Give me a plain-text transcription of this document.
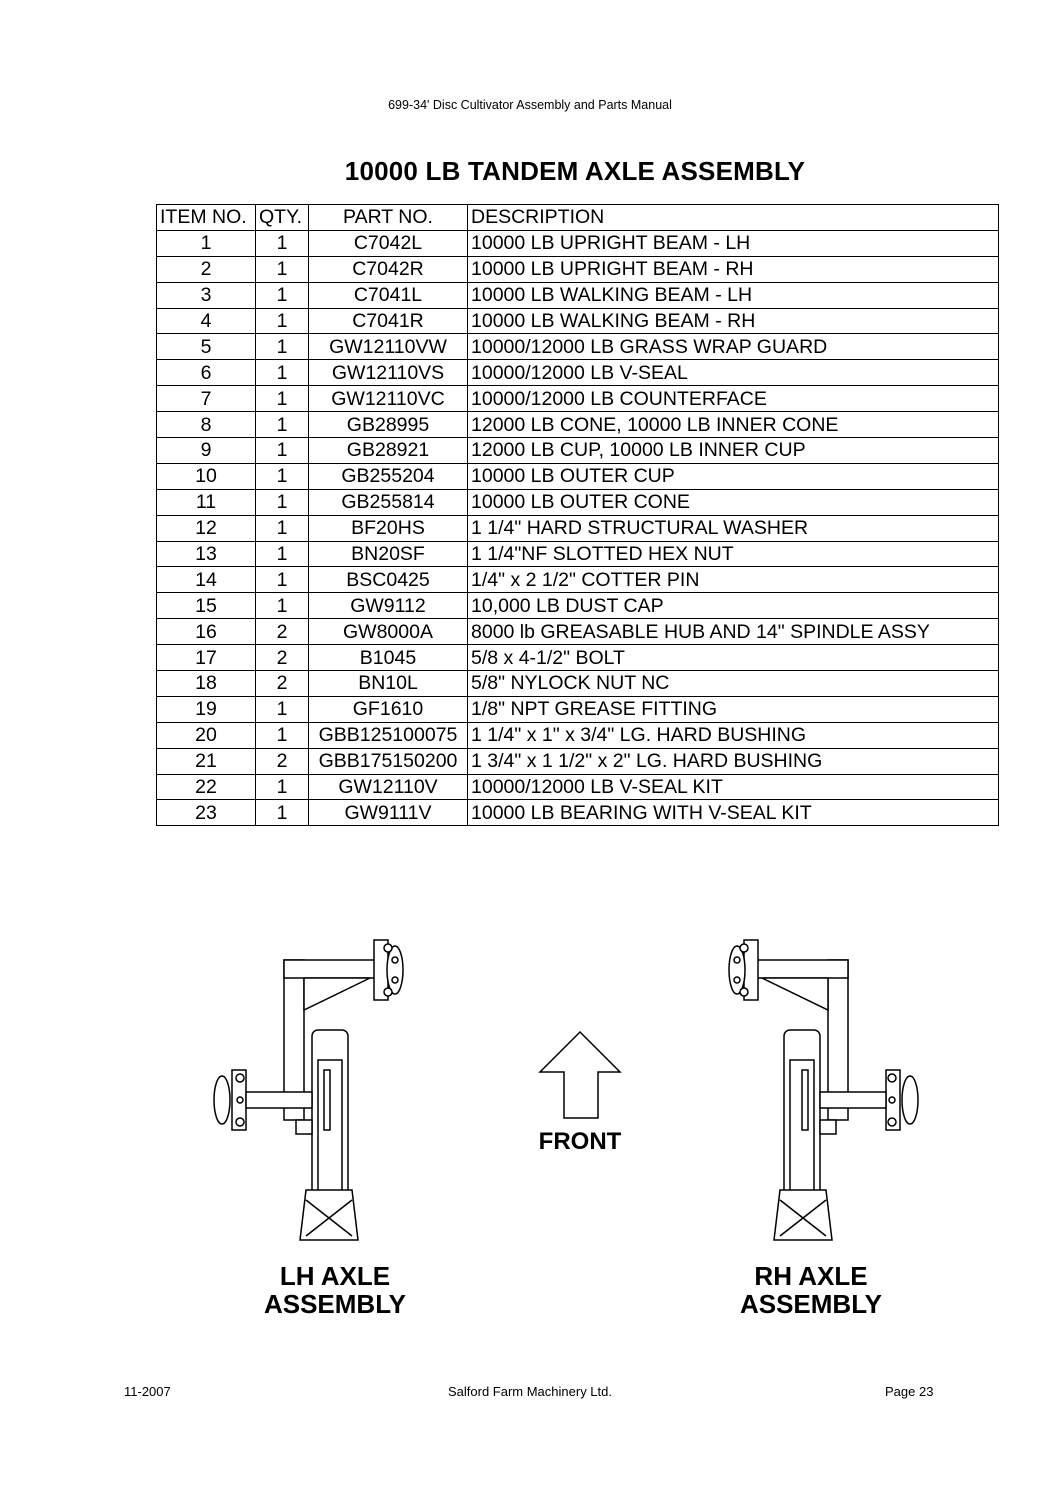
699-34' Disc Cultivator Assembly and Parts Manual
10000 LB TANDEM AXLE ASSEMBLY
ITEM NO.	QTY.	PART NO.	DESCRIPTION
1	1	C7042L	10000 LB UPRIGHT BEAM - LH
2	1	C7042R	10000 LB UPRIGHT BEAM - RH
3	1	C7041L	10000 LB WALKING BEAM - LH
4	1	C7041R	10000 LB WALKING BEAM - RH
5	1	GW12110VW	10000/12000 LB GRASS WRAP GUARD
6	1	GW12110VS	10000/12000 LB V-SEAL
7	1	GW12110VC	10000/12000 LB COUNTERFACE
8	1	GB28995	12000 LB CONE, 10000 LB INNER CONE
9	1	GB28921	12000 LB CUP, 10000 LB INNER CUP
10	1	GB255204	10000 LB OUTER CUP
11	1	GB255814	10000 LB OUTER CONE
12	1	BF20HS	1 1/4" HARD STRUCTURAL WASHER
13	1	BN20SF	1 1/4"NF SLOTTED HEX NUT
14	1	BSC0425	1/4" x 2 1/2" COTTER PIN
15	1	GW9112	10,000 LB DUST CAP
16	2	GW8000A	8000 lb GREASABLE HUB AND 14" SPINDLE ASSY
17	2	B1045	5/8 x 4-1/2" BOLT
18	2	BN10L	5/8" NYLOCK NUT NC
19	1	GF1610	1/8" NPT GREASE FITTING
20	1	GBB125100075	1 1/4" x 1" x 3/4" LG. HARD BUSHING
21	2	GBB175150200	1 3/4" x 1 1/2" x 2" LG. HARD BUSHING
22	1	GW12110V	10000/12000 LB V-SEAL KIT
23	1	GW9111V	10000 LB BEARING WITH V-SEAL KIT
FRONT
LH AXLE
ASSEMBLY
RH AXLE
ASSEMBLY
11-2007	Salford Farm Machinery Ltd.	Page 23
